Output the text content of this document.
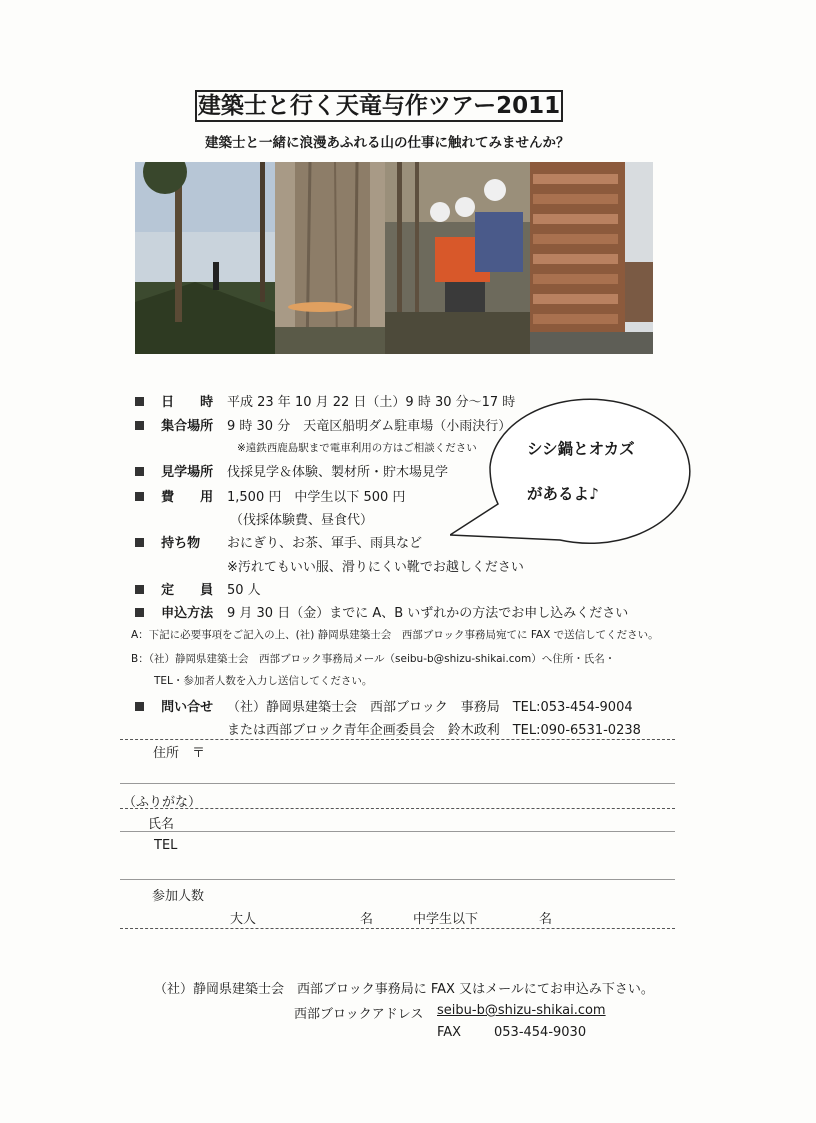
建築士と行く天竜与作ツアー2011
建築士と一緒に浪漫あふれる山の仕事に触れてみませんか？
日　　時 平成 23 年 10 月 22 日（土）9 時 30 分～17 時
集合場所 9 時 30 分　天竜区船明ダム駐車場（小雨決行）
※遠鉄西鹿島駅まで電車利用の方はご相談ください
見学場所 伐採見学＆体験、製材所・貯木場見学
費　　用 1,500 円　中学生以下 500 円
（伐採体験費、昼食代）
持ち物 おにぎり、お茶、軍手、雨具など
※汚れてもいい服、滑りにくい靴でお越しください
定　　員 50 人
申込方法 9 月 30 日（金）までに A、B いずれかの方法でお申し込みください
A：下記に必要事項をご記入の上、(社) 静岡県建築士会　西部ブロック事務局宛てに FAX で送信してください。
B：（社）静岡県建築士会　西部ブロック事務局メール（seibu-b@shizu-shikai.com）へ住所・氏名・
TEL・参加者人数を入力し送信してください。
問い合せ （社）静岡県建築士会　西部ブロック　事務局　TEL:053-454-9004
または西部ブロック青年企画委員会　鈴木政利　TEL:090-6531-0238
シシ鍋とオカズ
があるよ♪
住所　〒
（ふりがな）
氏名
TEL
参加人数
大人	名	中学生以下	名
（社）静岡県建築士会　西部ブロック事務局に FAX 又はメールにてお申込み下さい。
西部ブロックアドレス seibu-b@shizu-shikai.com
FAX	053-454-9030
